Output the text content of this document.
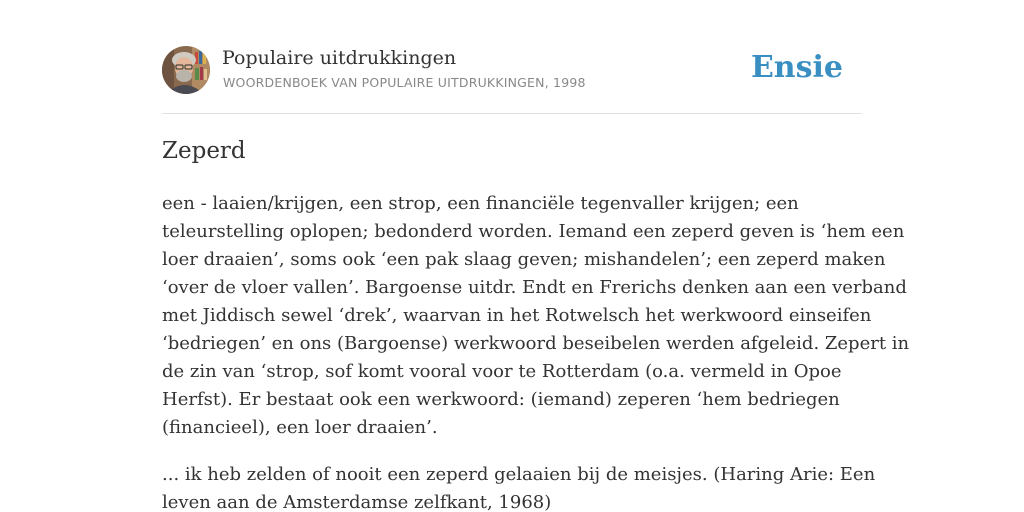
Populaire uitdrukkingen
WOORDENBOEK VAN POPULAIRE UITDRUKKINGEN, 1998	Ensie
Zeperd
een - laaien/krijgen, een strop, een financiële tegenvaller krijgen; een
teleurstelling oplopen; bedonderd worden. Iemand een zeperd geven is ‘hem een
loer draaien’, soms ook ‘een pak slaag geven; mishandelen’; een zeperd maken
‘over de vloer vallen’. Bargoense uitdr. Endt en Frerichs denken aan een verband
met Jiddisch sewel ‘drek’, waarvan in het Rotwelsch het werkwoord einseifen
‘bedriegen’ en ons (Bargoense) werkwoord beseibelen werden afgeleid. Zepert in
de zin van ‘strop, sof komt vooral voor te Rotterdam (o.a. vermeld in Opoe
Herfst). Er bestaat ook een werkwoord: (iemand) zeperen ‘hem bedriegen
(financieel), een loer draaien’.
... ik heb zelden of nooit een zeperd gelaaien bij de meisjes. (Haring Arie: Een
leven aan de Amsterdamse zelfkant, 1968)
